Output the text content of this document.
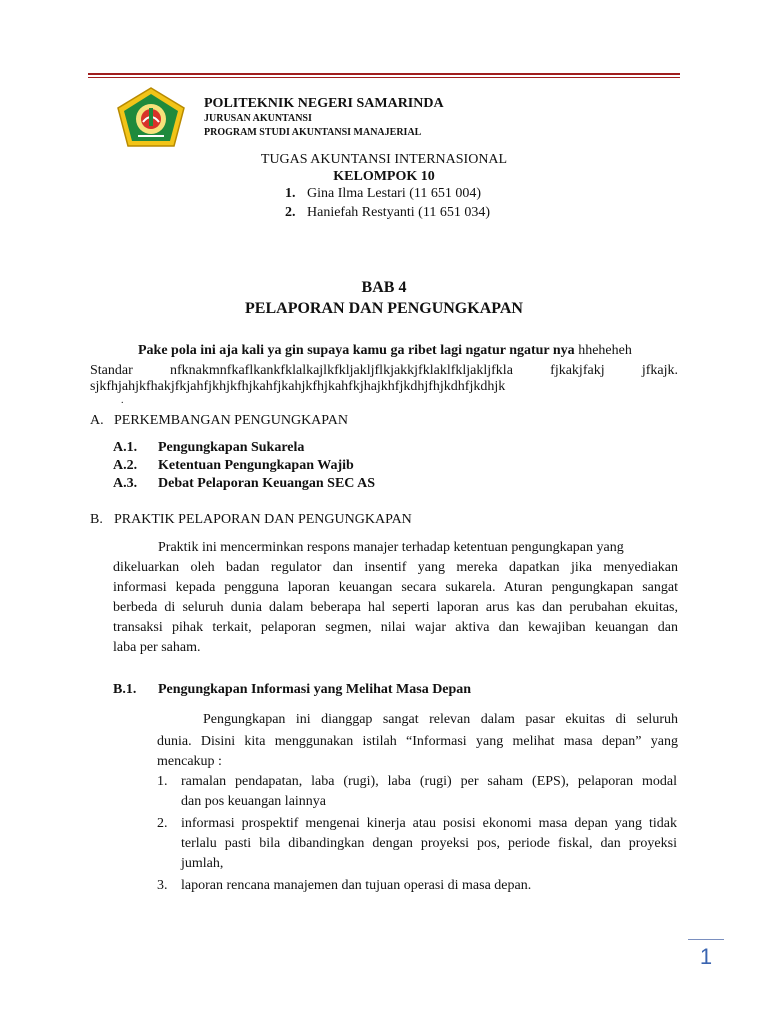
POLITEKNIK NEGERI SAMARINDA
JURUSAN AKUNTANSI
PROGRAM STUDI AKUNTANSI MANAJERIAL
TUGAS AKUNTANSI INTERNASIONAL
KELOMPOK 10
1. Gina Ilma Lestari (11 651 004)
2. Haniefah Restyanti (11 651 034)
BAB 4
PELAPORAN DAN PENGUNGKAPAN
Pake pola ini aja kali ya gin supaya kamu ga ribet lagi ngatur ngatur nya hheheheh
Standar nfknakmnfkaflkankfklalkajlkfkljakljflkjakkjfklaklfkljakljfkla fjkakjfakj jfkajk.
sjkfhjahjkfhakjfkjahfjkhjkfhjkahfjkahjkfhjkahfkjhajkhfjkdhjfhjkdhfjkdhjk
.
A. PERKEMBANGAN PENGUNGKAPAN
A.1. Pengungkapan Sukarela
A.2. Ketentuan Pengungkapan Wajib
A.3. Debat Pelaporan Keuangan SEC AS
B. PRAKTIK PELAPORAN DAN PENGUNGKAPAN
Praktik ini mencerminkan respons manajer terhadap ketentuan pengungkapan yang
dikeluarkan oleh badan regulator dan insentif yang mereka dapatkan jika menyediakan
informasi kepada pengguna laporan keuangan secara sukarela. Aturan pengungkapan sangat
berbeda di seluruh dunia dalam beberapa hal seperti laporan arus kas dan perubahan ekuitas,
transaksi pihak terkait, pelaporan segmen, nilai wajar aktiva dan kewajiban keuangan dan
laba per saham.
B.1. Pengungkapan Informasi yang Melihat Masa Depan
Pengungkapan ini dianggap sangat relevan dalam pasar ekuitas di seluruh
dunia. Disini kita menggunakan istilah “Informasi yang melihat masa depan” yang
mencakup :
1. ramalan pendapatan, laba (rugi), laba (rugi) per saham (EPS), pelaporan modal
dan pos keuangan lainnya
2. informasi prospektif mengenai kinerja atau posisi ekonomi masa depan yang tidak
terlalu pasti bila dibandingkan dengan proyeksi pos, periode fiskal, dan proyeksi
jumlah,
3. laporan rencana manajemen dan tujuan operasi di masa depan.
1
